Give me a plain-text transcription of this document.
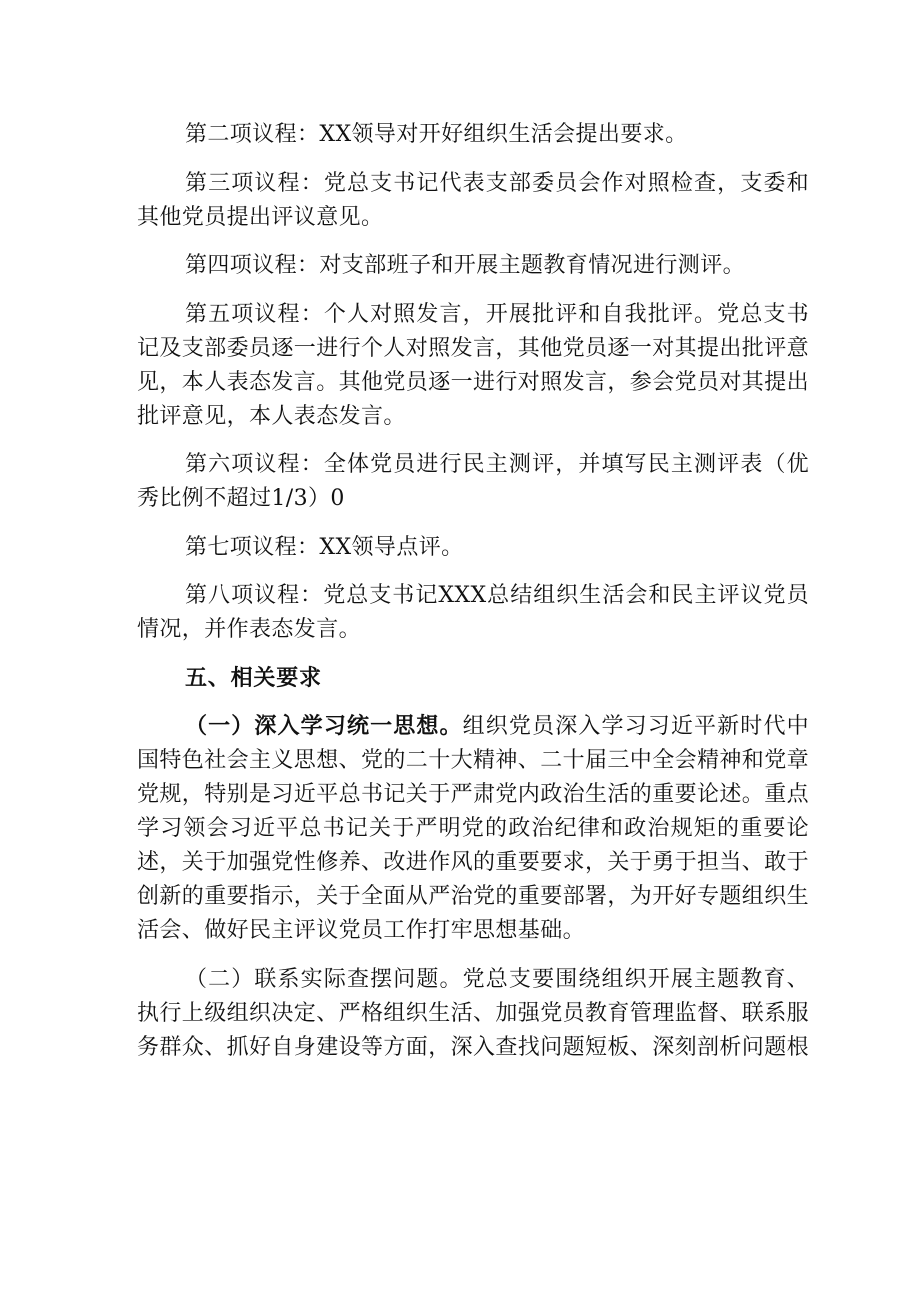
第二项议程：XX领导对开好组织生活会提出要求。

第三项议程：党总支书记代表支部委员会作对照检查，支委和其他党员提出评议意见。

第四项议程：对支部班子和开展主题教育情况进行测评。

第五项议程：个人对照发言，开展批评和自我批评。党总支书记及支部委员逐一进行个人对照发言，其他党员逐一对其提出批评意见，本人表态发言。其他党员逐一进行对照发言，参会党员对其提出批评意见，本人表态发言。

第六项议程：全体党员进行民主测评，并填写民主测评表（优秀比例不超过1/3）0

第七项议程：XX领导点评。

第八项议程：党总支书记XXX总结组织生活会和民主评议党员情况，并作表态发言。

五、相关要求

（一）深入学习统一思想。组织党员深入学习习近平新时代中国特色社会主义思想、党的二十大精神、二十届三中全会精神和党章党规，特别是习近平总书记关于严肃党内政治生活的重要论述。重点学习领会习近平总书记关于严明党的政治纪律和政治规矩的重要论述，关于加强党性修养、改进作风的重要要求，关于勇于担当、敢于创新的重要指示，关于全面从严治党的重要部署，为开好专题组织生活会、做好民主评议党员工作打牢思想基础。

（二）联系实际查摆问题。党总支要围绕组织开展主题教育、执行上级组织决定、严格组织生活、加强党员教育管理监督、联系服务群众、抓好自身建设等方面，深入查找问题短板、深刻剖析问题根
